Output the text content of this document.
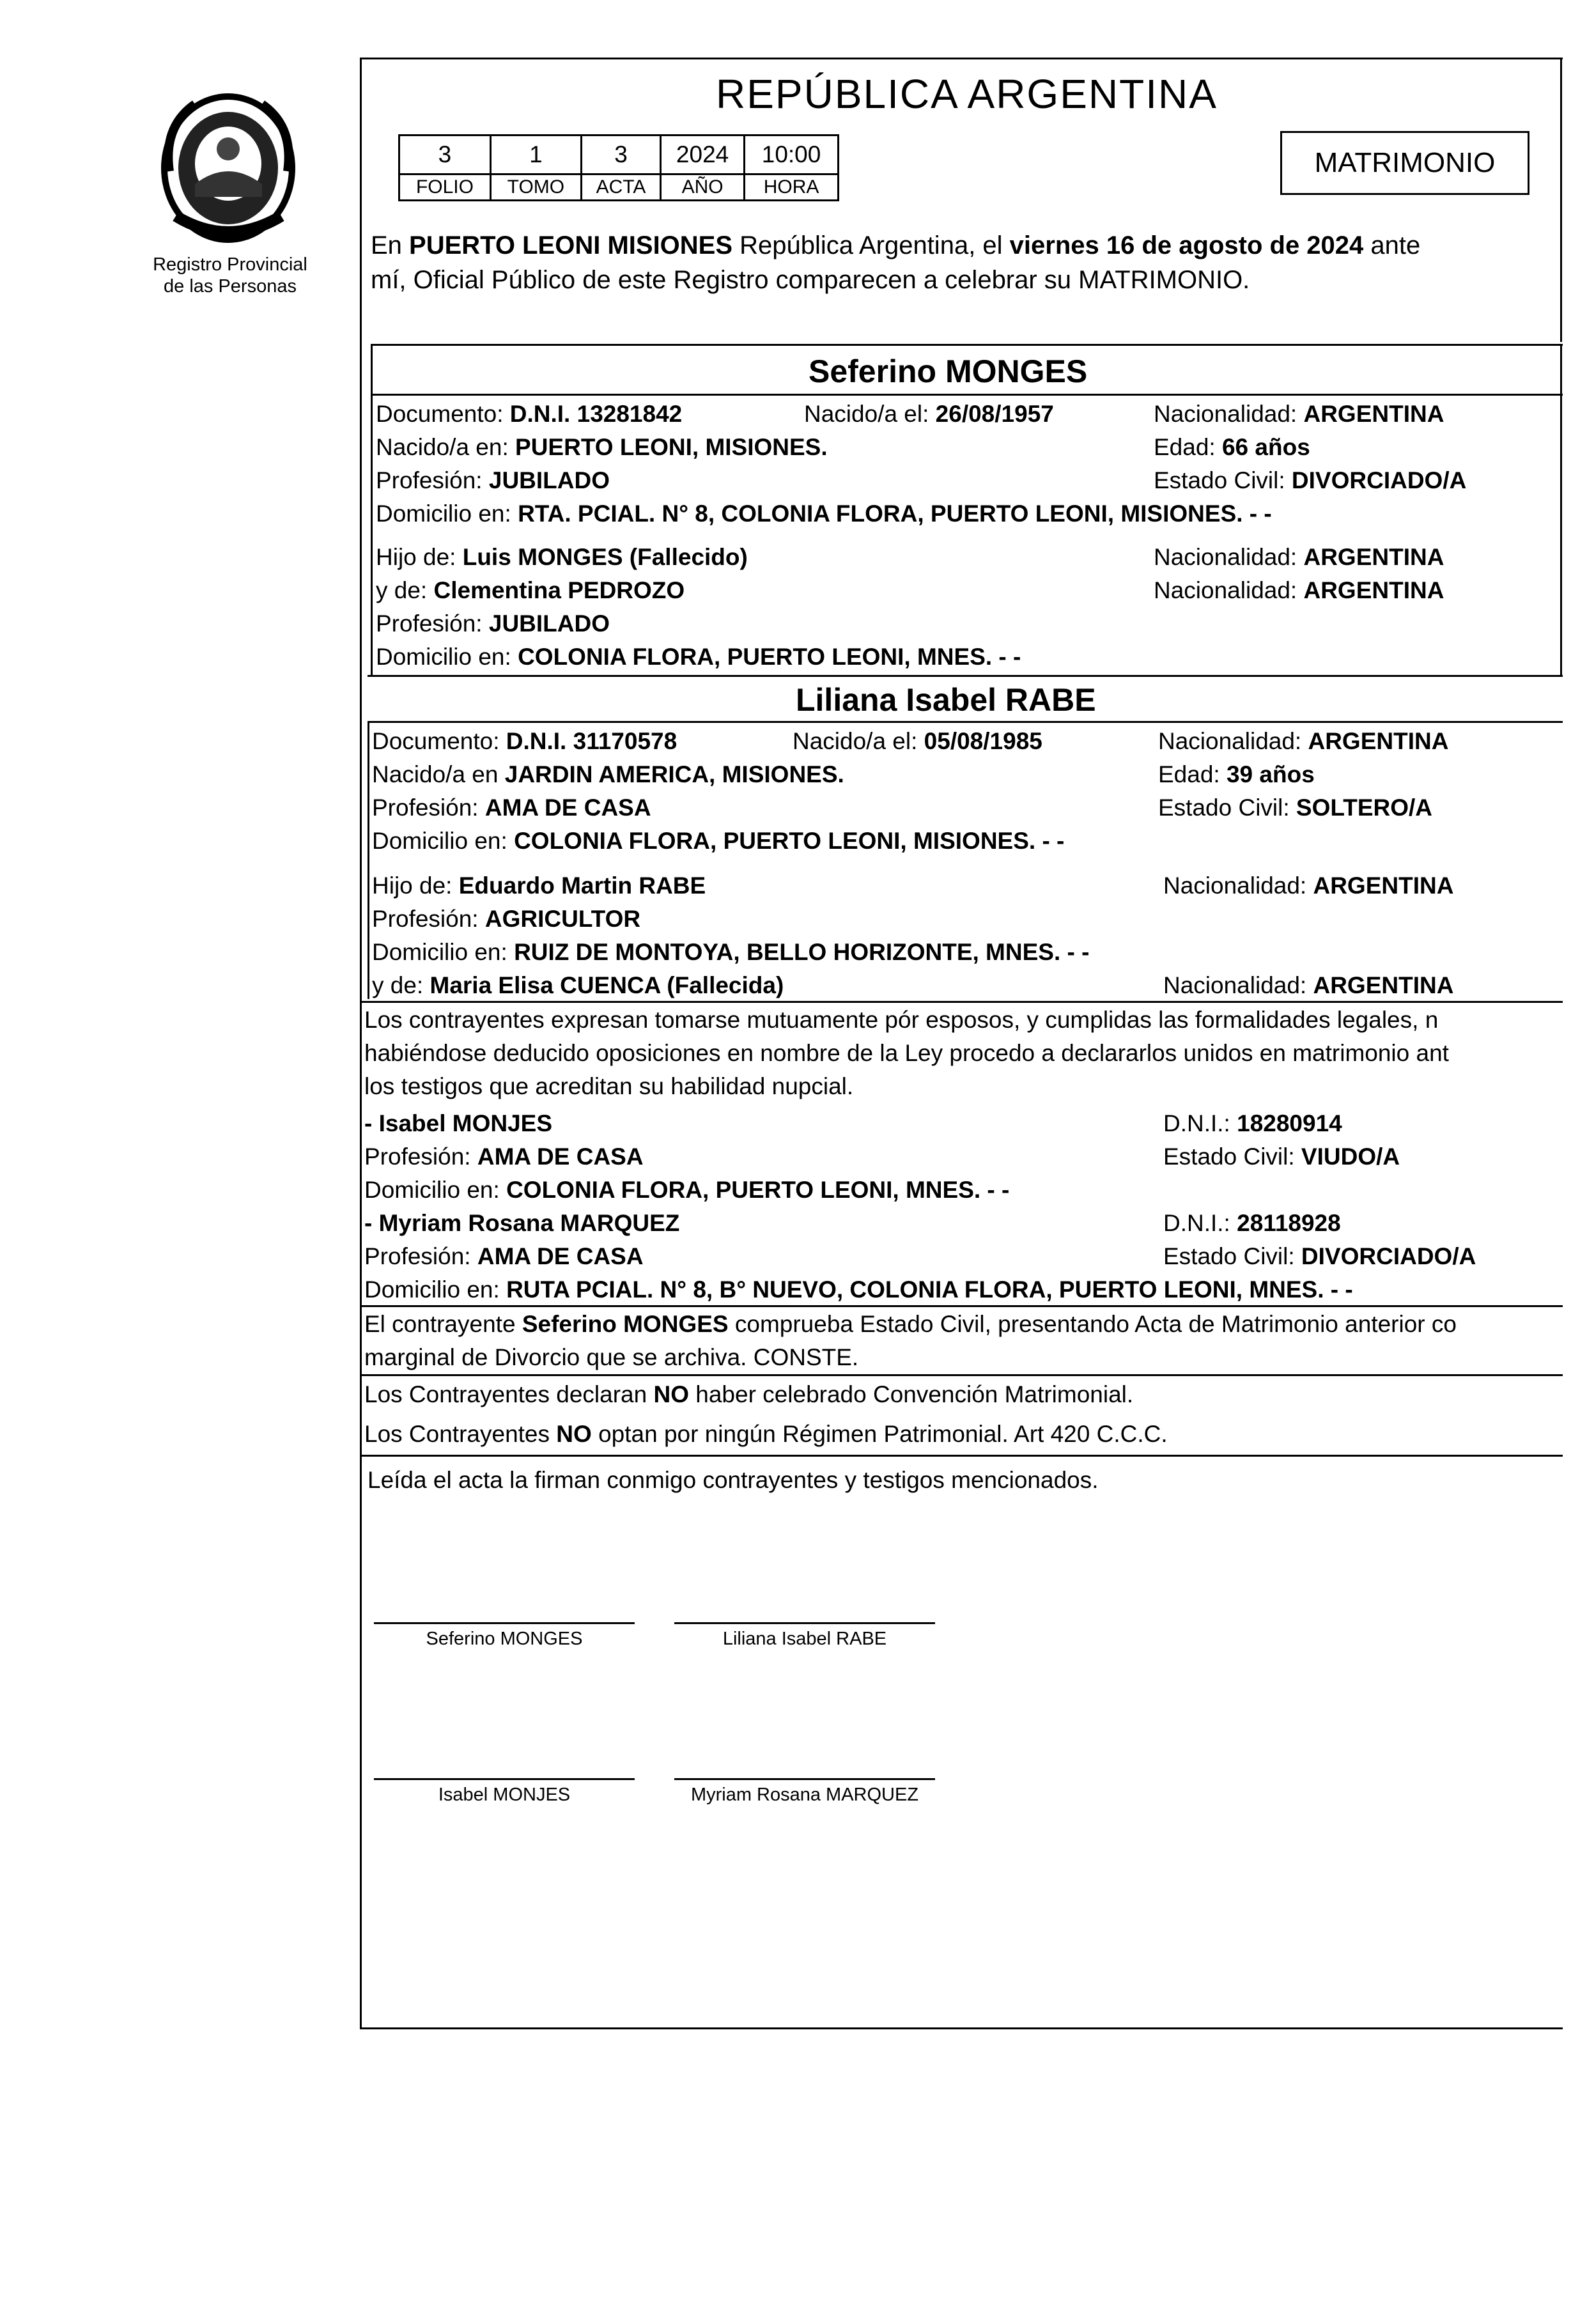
Registro Provincial
de las Personas
REPÚBLICA ARGENTINA
3	1	3	2024	10:00
FOLIO	TOMO	ACTA	AÑO	HORA
MATRIMONIO
En PUERTO LEONI MISIONES República Argentina, el viernes 16 de agosto de 2024 ante
mí, Oficial Público de este Registro comparecen a celebrar su MATRIMONIO.
Seferino MONGES
Documento: D.N.I. 13281842	Nacido/a el: 26/08/1957	Nacionalidad: ARGENTINA
Nacido/a en: PUERTO LEONI, MISIONES.	Edad: 66 años
Profesión: JUBILADO	Estado Civil: DIVORCIADO/A
Domicilio en: RTA. PCIAL. N° 8, COLONIA FLORA, PUERTO LEONI, MISIONES. - -
Hijo de: Luis MONGES (Fallecido)	Nacionalidad: ARGENTINA
y de: Clementina PEDROZO	Nacionalidad: ARGENTINA
Profesión: JUBILADO
Domicilio en: COLONIA FLORA, PUERTO LEONI, MNES. - -
Liliana Isabel RABE
Documento: D.N.I. 31170578	Nacido/a el: 05/08/1985	Nacionalidad: ARGENTINA
Nacido/a en JARDIN AMERICA, MISIONES.	Edad: 39 años
Profesión: AMA DE CASA	Estado Civil: SOLTERO/A
Domicilio en: COLONIA FLORA, PUERTO LEONI, MISIONES. - -
Hijo de: Eduardo Martin RABE	Nacionalidad: ARGENTINA
Profesión: AGRICULTOR
Domicilio en: RUIZ DE MONTOYA, BELLO HORIZONTE, MNES. - -
y de: Maria Elisa CUENCA (Fallecida)	Nacionalidad: ARGENTINA
Los contrayentes expresan tomarse mutuamente pór esposos, y cumplidas las formalidades legales, n
habiéndose deducido oposiciones en nombre de la Ley procedo a declararlos unidos en matrimonio ant
los testigos que acreditan su habilidad nupcial.
- Isabel MONJES	D.N.I.: 18280914
Profesión: AMA DE CASA	Estado Civil: VIUDO/A
Domicilio en: COLONIA FLORA, PUERTO LEONI, MNES. - -
- Myriam Rosana MARQUEZ	D.N.I.: 28118928
Profesión: AMA DE CASA	Estado Civil: DIVORCIADO/A
Domicilio en: RUTA PCIAL. N° 8, B° NUEVO, COLONIA FLORA, PUERTO LEONI, MNES. - -
El contrayente Seferino MONGES comprueba Estado Civil, presentando Acta de Matrimonio anterior co
marginal de Divorcio que se archiva. CONSTE.
Los Contrayentes declaran NO haber celebrado Convención Matrimonial.
Los Contrayentes NO optan por ningún Régimen Patrimonial. Art 420 C.C.C.
Leída el acta la firman conmigo contrayentes y testigos mencionados.
Seferino MONGES	Liliana Isabel RABE
Isabel MONJES	Myriam Rosana MARQUEZ
